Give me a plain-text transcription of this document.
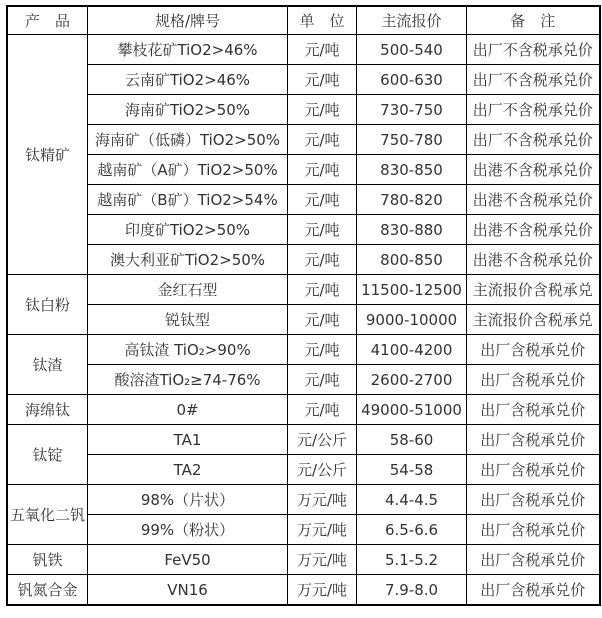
产　品	规格/牌号	单　位	主流报价	备　注
钛精矿	攀枝花矿TiO2>46%	元/吨	500-540	出厂不含税承兑价
	云南矿TiO2>46%	元/吨	600-630	出厂不含税承兑价
	海南矿TiO2>50%	元/吨	730-750	出厂不含税承兑价
	海南矿（低磷）TiO2>50%	元/吨	750-780	出厂不含税承兑价
	越南矿（A矿）TiO2>50%	元/吨	830-850	出港不含税承兑价
	越南矿（B矿）TiO2>54%	元/吨	780-820	出港不含税承兑价
	印度矿TiO2>50%	元/吨	830-880	出港不含税承兑价
	澳大利亚矿TiO2>50%	元/吨	800-850	出港不含税承兑价
钛白粉	金红石型	元/吨	11500-12500	主流报价含税承兑
	锐钛型	元/吨	9000-10000	主流报价含税承兑
钛渣	高钛渣 TiO₂>90%	元/吨	4100-4200	出厂含税承兑价
	酸溶渣TiO₂≥74-76%	元/吨	2600-2700	出厂含税承兑价
海绵钛	0#	元/吨	49000-51000	出厂含税承兑价
钛锭	TA1	元/公斤	58-60	出厂含税承兑价
	TA2	元/公斤	54-58	出厂含税承兑价
五氧化二钒	98%（片状）	万元/吨	4.4-4.5	出厂含税承兑价
	99%（粉状）	万元/吨	6.5-6.6	出厂含税承兑价
钒铁	FeV50	万元/吨	5.1-5.2	出厂含税承兑价
钒氮合金	VN16	万元/吨	7.9-8.0	出厂含税承兑价
